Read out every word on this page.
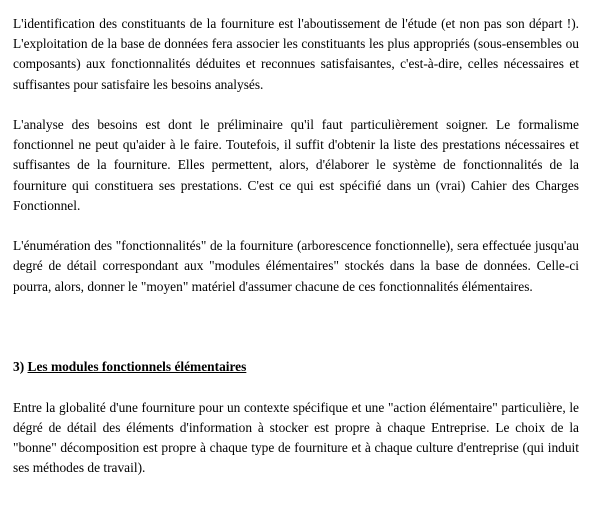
L'identification des constituants de la fourniture est l'aboutissement de l'étude (et non pas son départ !). L'exploitation de la base de données fera associer les constituants les plus appropriés (sous-ensembles ou composants) aux fonctionnalités déduites et reconnues satisfaisantes, c'est-à-dire, celles nécessaires et suffisantes pour satisfaire les besoins analysés.

L'analyse des besoins est dont le préliminaire qu'il faut particulièrement soigner. Le formalisme fonctionnel ne peut qu'aider à le faire. Toutefois, il suffit d'obtenir la liste des prestations nécessaires et suffisantes de la fourniture. Elles permettent, alors, d'élaborer le système de fonctionnalités de la fourniture qui constituera ses prestations. C'est ce qui est spécifié dans un (vrai) Cahier des Charges Fonctionnel.

L'énumération des "fonctionnalités" de la fourniture (arborescence fonctionnelle), sera effectuée jusqu'au degré de détail correspondant aux "modules élémentaires" stockés dans la base de données. Celle-ci pourra, alors, donner le "moyen" matériel d'assumer chacune de ces fonctionnalités élémentaires.

3) Les modules fonctionnels élémentaires

Entre la globalité d'une fourniture pour un contexte spécifique et une "action élémentaire" particulière, le dégré de détail des éléments d'information à stocker est propre à chaque Entreprise. Le choix de la "bonne" décomposition est propre à chaque type de fourniture et à chaque culture d'entreprise (qui induit ses méthodes de travail).
